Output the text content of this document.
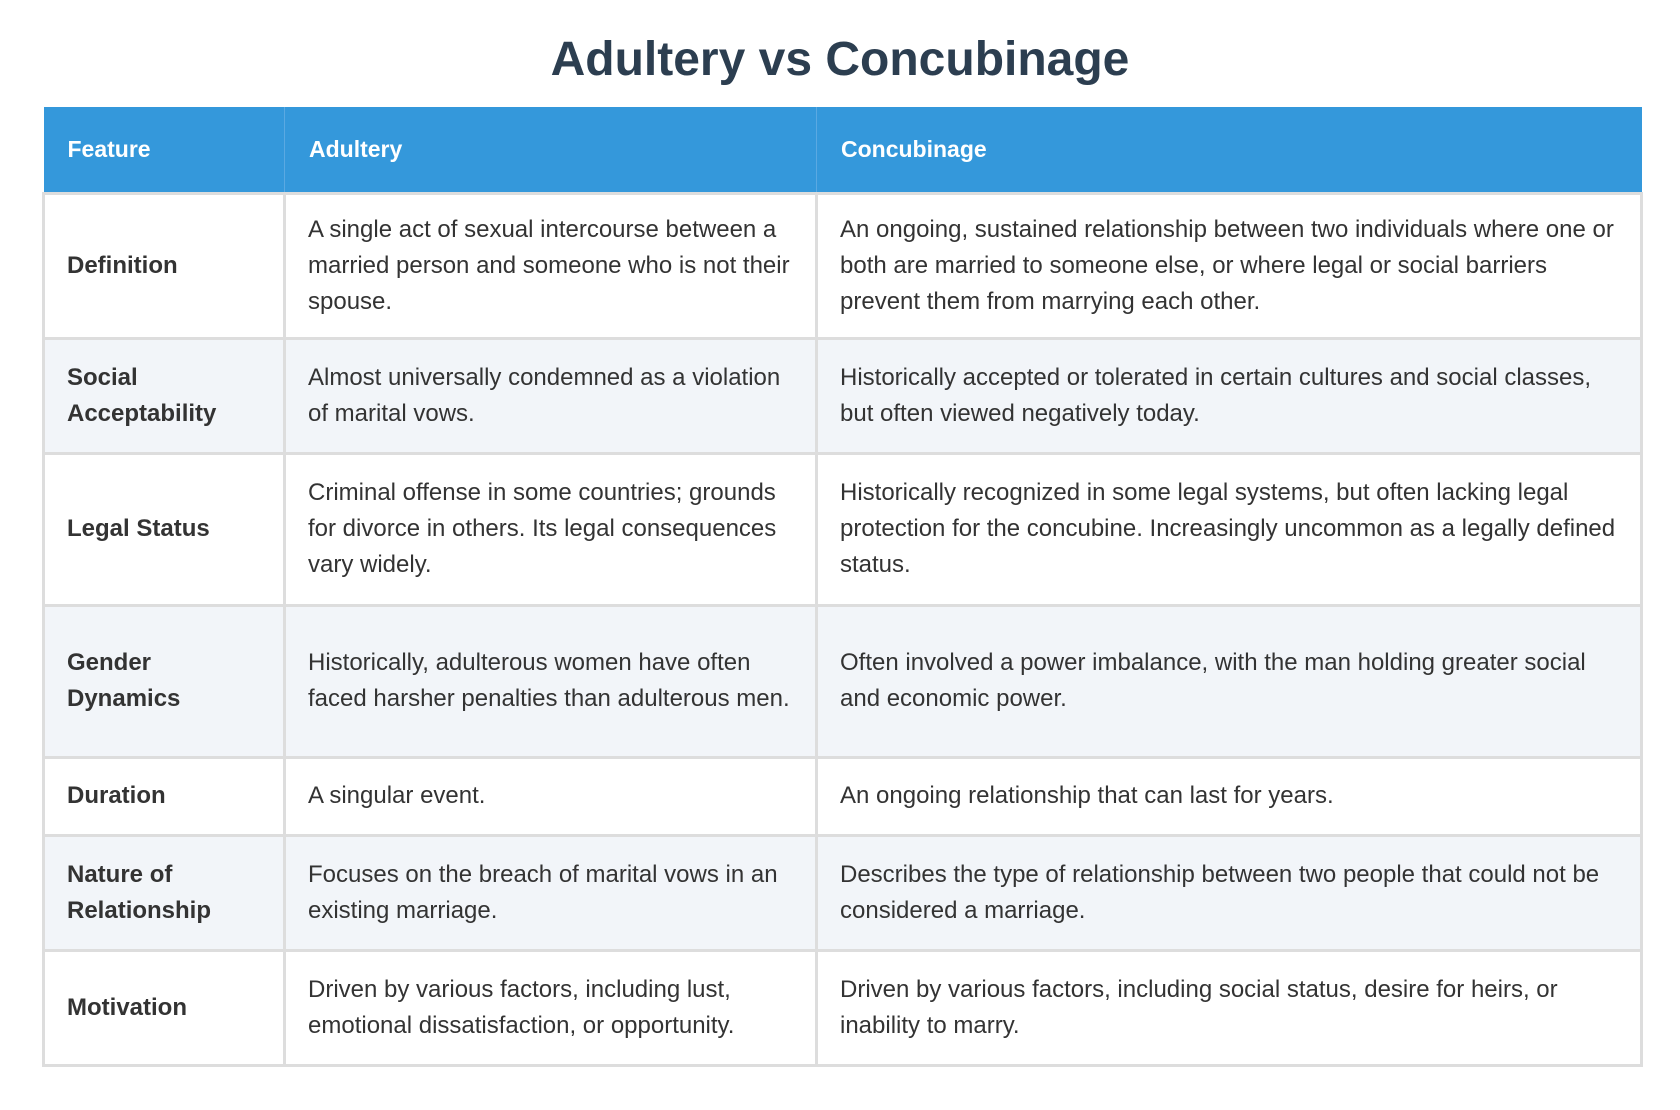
Adultery vs Concubinage
Feature	Adultery	Concubinage
Definition	A single act of sexual intercourse between a married person and someone who is not their spouse.	An ongoing, sustained relationship between two individuals where one or both are married to someone else, or where legal or social barriers prevent them from marrying each other.
Social Acceptability	Almost universally condemned as a violation of marital vows.	Historically accepted or tolerated in certain cultures and social classes, but often viewed negatively today.
Legal Status	Criminal offense in some countries; grounds for divorce in others. Its legal consequences vary widely.	Historically recognized in some legal systems, but often lacking legal protection for the concubine. Increasingly uncommon as a legally defined status.
Gender Dynamics	Historically, adulterous women have often faced harsher penalties than adulterous men.	Often involved a power imbalance, with the man holding greater social and economic power.
Duration	A singular event.	An ongoing relationship that can last for years.
Nature of Relationship	Focuses on the breach of marital vows in an existing marriage.	Describes the type of relationship between two people that could not be considered a marriage.
Motivation	Driven by various factors, including lust, emotional dissatisfaction, or opportunity.	Driven by various factors, including social status, desire for heirs, or inability to marry.
